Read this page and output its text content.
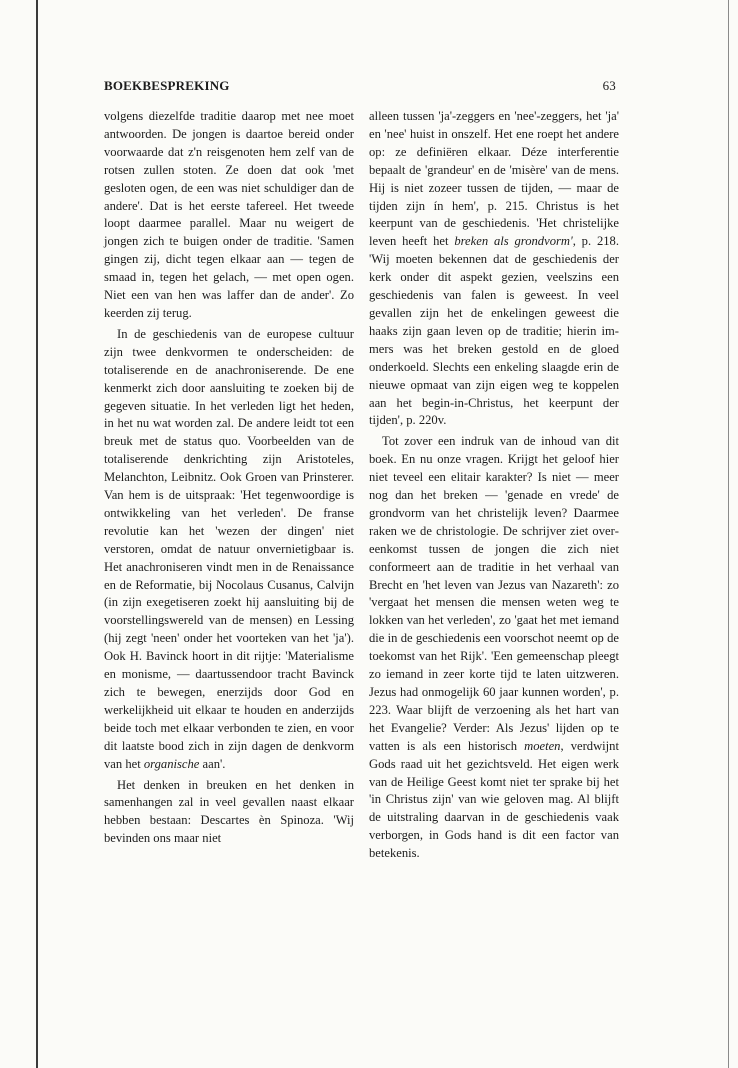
BOEKBESPREKING	63

volgens diezelfde traditie daarop met nee moet antwoorden. De jongen is daartoe bereid onder voorwaarde dat z'n reisgenoten hem zelf van de rotsen zullen stoten. Ze doen dat ook 'met gesloten ogen, de een was niet schuldiger dan de andere'. Dat is het eerste tafereel. Het tweede loopt daarmee parallel. Maar nu weigert de jongen zich te buigen onder de traditie. 'Samen gingen zij, dicht tegen elkaar aan — tegen de smaad in, tegen het gelach, — met open ogen. Niet een van hen was laffer dan de ander'. Zo keerden zij terug.

In de geschiedenis van de europese cultuur zijn twee denkvormen te onderscheiden: de totaliserende en de anachroniserende. De ene kenmerkt zich door aansluiting te zoeken bij de gegeven situatie. In het verleden ligt het heden, in het nu wat worden zal. De andere leidt tot een breuk met de status quo. Voorbeelden van de totaliserende denkrichting zijn Aristoteles, Melanchton, Leibnitz. Ook Groen van Prinsterer. Van hem is de uitspraak: 'Het tegenwoordige is ontwikkeling van het verleden'. De franse revolutie kan het 'wezen der dingen' niet verstoren, omdat de natuur onvernietigbaar is. Het anachroniseren vindt men in de Renaissance en de Reformatie, bij Nocolaus Cusanus, Calvijn (in zijn exegetiseren zoekt hij aansluiting bij de voorstellingswereld van de mensen) en Lessing (hij zegt 'neen' onder het voorteken van het 'ja'). Ook H. Bavinck hoort in dit rijtje: 'Materialisme en monisme, — daartussendoor tracht Bavinck zich te bewegen, enerzijds door God en werkelijkheid uit elkaar te houden en anderzijds beide toch met elkaar verbonden te zien, en voor dit laatste bood zich in zijn dagen de denkvorm van het organische aan'.

Het denken in breuken en het denken in samenhangen zal in veel gevallen naast elkaar hebben bestaan: Descartes èn Spinoza. 'Wij bevinden ons maar niet

alleen tussen 'ja'-zeggers en 'nee'-zeggers, het 'ja' en 'nee' huist in onszelf. Het ene roept het andere op: ze definiëren elkaar. Déze interferentie bepaalt de 'grandeur' en de 'misère' van de mens. Hij is niet zozeer tussen de tijden, — maar de tijden zijn ín hem', p. 215. Christus is het keerpunt van de geschiedenis. 'Het christelijke leven heeft het breken als grondvorm', p. 218. 'Wij moeten bekennen dat de geschiedenis der kerk onder dit aspekt gezien, veelszins een geschiedenis van falen is geweest. In veel gevallen zijn het de enkelingen geweest die haaks zijn gaan leven op de traditie; hierin immers was het breken gestold en de gloed onderkoeld. Slechts een enkeling slaagde erin de nieuwe opmaat van zijn eigen weg te koppelen aan het begin-in-Christus, het keerpunt der tijden', p. 220v.

Tot zover een indruk van de inhoud van dit boek. En nu onze vragen. Krijgt het geloof hier niet teveel een elitair karakter? Is niet — meer nog dan het breken — 'genade en vrede' de grondvorm van het christelijk leven? Daarmee raken we de christologie. De schrijver ziet overeenkomst tussen de jongen die zich niet conformeert aan de traditie in het verhaal van Brecht en 'het leven van Jezus van Nazareth': zo 'vergaat het mensen die mensen weten weg te lokken van het verleden', zo 'gaat het met iemand die in de geschiedenis een voorschot neemt op de toekomst van het Rijk'. 'Een gemeenschap pleegt zo iemand in zeer korte tijd te laten uitzweren. Jezus had onmogelijk 60 jaar kunnen worden', p. 223. Waar blijft de verzoening als het hart van het Evangelie? Verder: Als Jezus' lijden op te vatten is als een historisch moeten, verdwijnt Gods raad uit het gezichtsveld. Het eigen werk van de Heilige Geest komt niet ter sprake bij het 'in Christus zijn' van wie geloven mag. Al blijft de uitstraling daarvan in de geschiedenis vaak verborgen, in Gods hand is dit een factor van betekenis.
